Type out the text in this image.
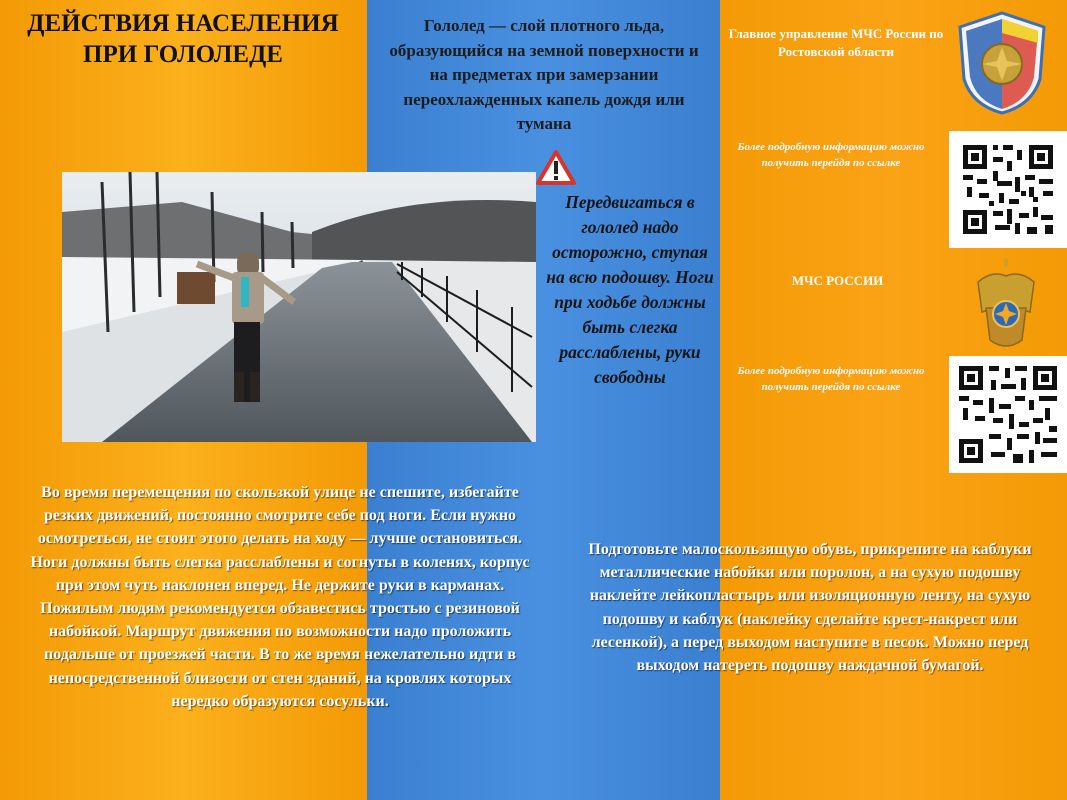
ДЕЙСТВИЯ НАСЕЛЕНИЯ
ПРИ ГОЛОЛЕДЕ

Гололед — слой плотного льда, образующийся на земной поверхности и на предметах при замерзании переохлажденных капель дождя или тумана

Передвигаться в гололед надо осторожно, ступая на всю подошву. Ноги при ходьбе должны быть слегка расслаблены, руки свободны

Во время перемещения по скользкой улице не спешите, избегайте резких движений, постоянно смотрите себе под ноги. Если нужно осмотреться, не стоит этого делать на ходу — лучше остановиться. Ноги должны быть слегка расслаблены и согнуты в коленях, корпус при этом чуть наклонен вперед. Не держите руки в карманах. Пожилым людям рекомендуется обзавестись тростью с резиновой набойкой. Маршрут движения по возможности надо проложить подальше от проезжей части. В то же время нежелательно идти в непосредственной близости от стен зданий, на кровлях которых нередко образуются сосульки.

Подготовьте малоскользящую обувь, прикрепите на каблуки металлические набойки или поролон, а на сухую подошву наклейте лейкопластырь или изоляционную ленту, на сухую подошву и каблук (наклейку сделайте крест-накрест или лесенкой), а перед выходом наступите в песок. Можно перед выходом натереть подошву наждачной бумагой.

Главное управление МЧС России по Ростовской области

Более подробную информацию можно получить перейдя по ссылке

МЧС РОССИИ

Более подробную информацию можно получить перейдя по ссылке
